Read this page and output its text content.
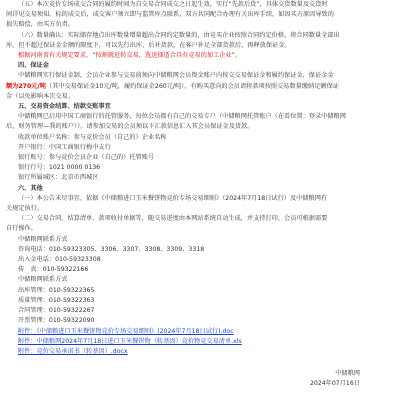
（五）本次竞价专场成交合同的履约时间为自交易合同成交之日起生效，实行“先款后货”，具体交货数量及交货时

间详见交易须知。标的成交后，成交客户须立即与监管库点联系，双方共同配合办理有关出库手续，如因买方原因导致的

损失赔偿，由买方负责。

（六）数量确认：实际储存地点出库数量增量超出合同约定数量的，由竞买企业按照合同约定价格，将合同数量全部出

库，但不超过保证金金额的限度下，可以先行出库，后补货款，在客户补足全部货款后，再释放保证金。

根据河南省有关规定要求，“按割就近转交易，选送择适合具有竞易的加工企业”。

四、保证金

中储粮网实行保证金制，会员企业参与交易前须向中储粮网会员资金账户内按交交易保证金和履约保证金，保证金金

额为270元/吨（其中交易保证金10元/吨，履约保证金260元/吨）。有购买意向的会员请将款项按照交易数量缴纳足额保证

金（以免影响本次交易。

五、交易资金结算、结款交账事宜

中储粮网已启用中国工商银行的托管服务，每位会员都有自己的交易专户（中储粮网托管账户（在看位置：登录中储粮网

后，财务管理—我的账户））。请参加交易的会员须以下汇款信息汇入其会员保证金及货款。

收款单位账户名称：参与竞价会员（自己的）企业名称

开户银行：中国工商银行梅中支行

银行账号：参与竞价会员企业（自己的）托管账号

银行行号：1021 0000 0136

银行所属城区：北京市西城区

六、其他

（一）本公告未尽事宜，依据《中储粮进口玉米餐饼物竞价专场交易细则》（2024年7月18日试行）及中储粮网有

关规定执行。

（二）交易合同、结算清单、款项收付单据等，随交易进度由本网站系统自动生成，并支持打印，会员可根据需要

自行操作。

中储粮网联系方式

咨询电话：010-59323305、3306、3307、3308、3309、3318

出入金电话：010-59323308

传　真：010-59322166

中储粮网联系方式

出库管理：010-59322365

质量管理：010-59322363

合同管理：010-59322267

开票管理：010-59322090

附件：《中储粮进口玉米餐饼物竞价专场交易细则》(2024年7月18日试行).doc

附件：中储粮网2024年7月18日进口玉米餐饼物（转基因）竞价物竞交易清单.xls

附件：竞价交易承诺书（转基因）.docx

中储粮网

2024年07月16日
